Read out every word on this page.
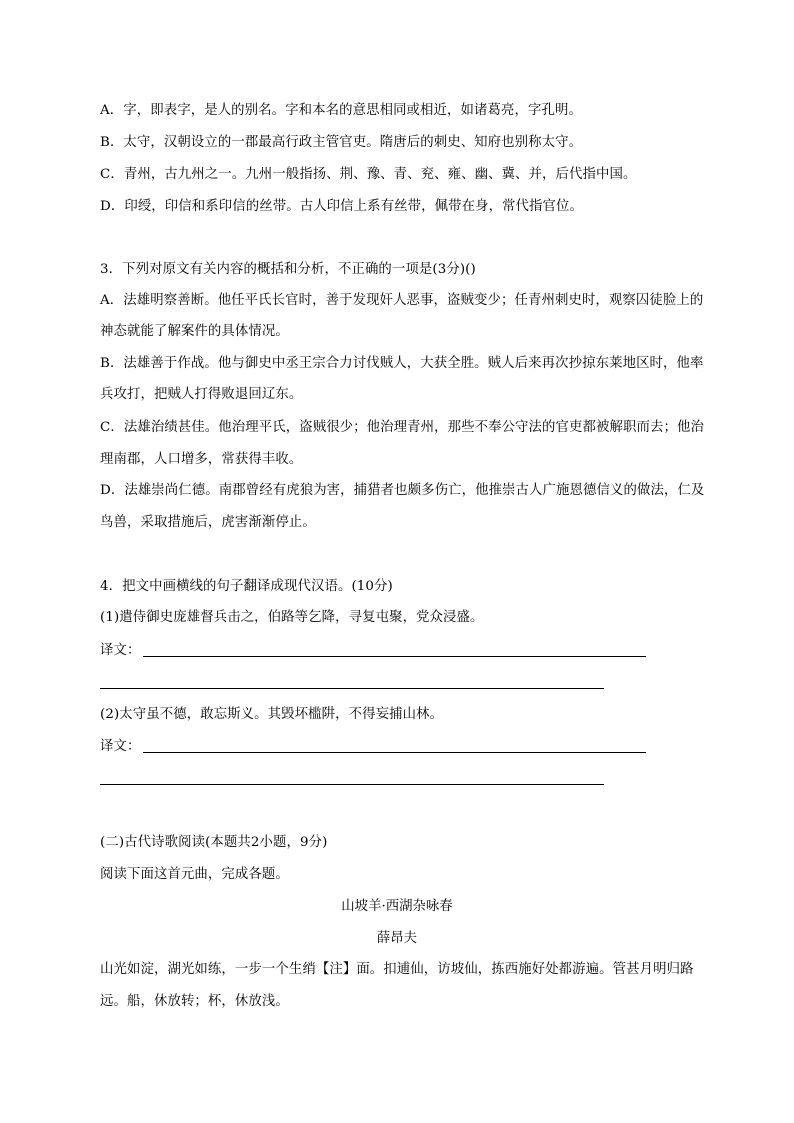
A．字，即表字，是人的别名。字和本名的意思相同或相近，如诸葛亮，字孔明。
B．太守，汉朝设立的一郡最高行政主管官吏。隋唐后的刺史、知府也别称太守。
C．青州，古九州之一。九州一般指扬、荆、豫、青、兖、雍、幽、冀、并，后代指中国。
D．印绶，印信和系印信的丝带。古人印信上系有丝带，佩带在身，常代指官位。
3．下列对原文有关内容的概括和分析，不正确的一项是(3分)()
A．法雄明察善断。他任平氏长官时，善于发现奸人恶事，盗贼变少；任青州刺史时，观察囚徒脸上的
神态就能了解案件的具体情况。
B．法雄善于作战。他与御史中丞王宗合力讨伐贼人，大获全胜。贼人后来再次抄掠东莱地区时，他率
兵攻打，把贼人打得败退回辽东。
C．法雄治绩甚佳。他治理平氏，盗贼很少；他治理青州，那些不奉公守法的官吏都被解职而去；他治
理南郡，人口增多，常获得丰收。
D．法雄崇尚仁德。南郡曾经有虎狼为害，捕猎者也颇多伤亡，他推崇古人广施恩德信义的做法，仁及
鸟兽，采取措施后，虎害渐渐停止。
4．把文中画横线的句子翻译成现代汉语。(10分)
(1)遣侍御史庞雄督兵击之，伯路等乞降，寻复屯聚，党众浸盛。
译文：
(2)太守虽不德，敢忘斯义。其毁坏槛阱，不得妄捕山林。
译文：
(二)古代诗歌阅读(本题共2小题，9分)
阅读下面这首元曲，完成各题。
山坡羊·西湖杂咏春
薛昂夫
山光如淀，湖光如练，一步一个生绡【注】面。扣逋仙，访坡仙，拣西施好处都游遍。管甚月明归路
远。船，休放转；杯，休放浅。
